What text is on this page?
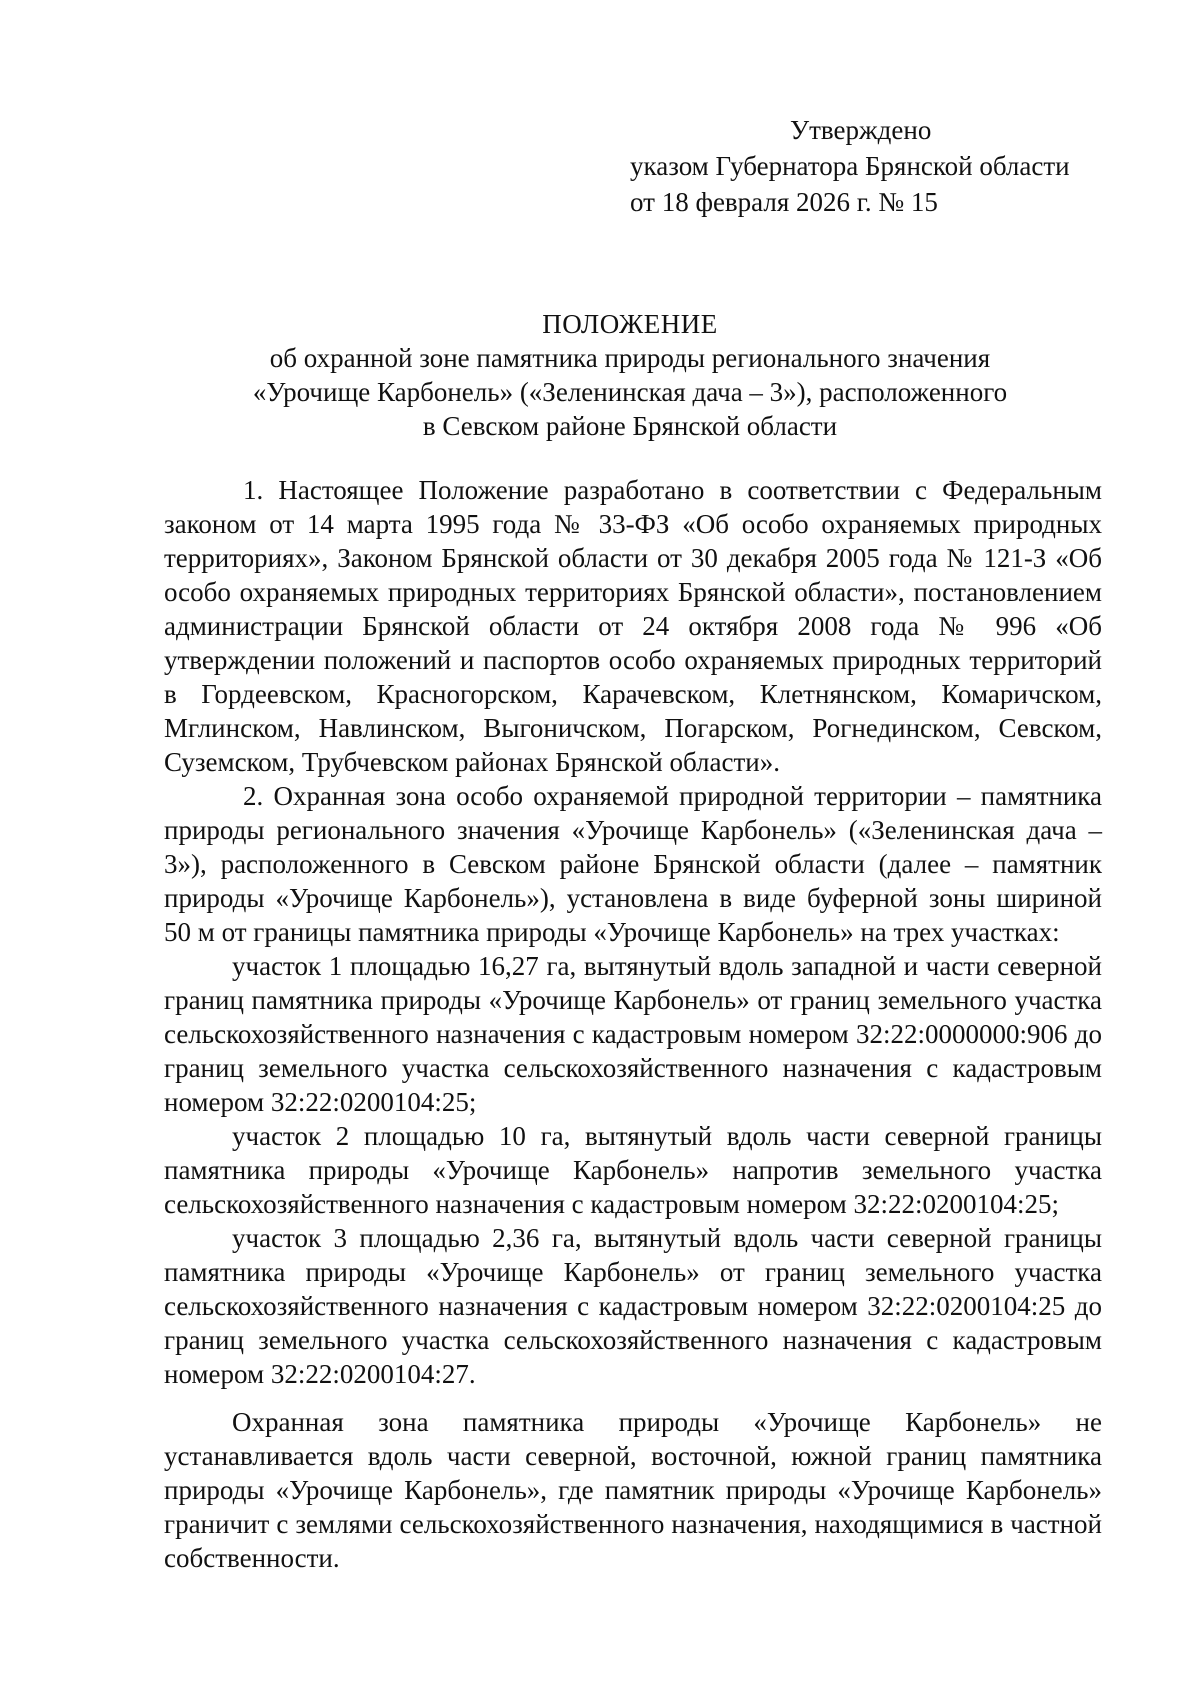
Утверждено
указом Губернатора Брянской области
от 18 февраля 2026 г. № 15
ПОЛОЖЕНИЕ
об охранной зоне памятника природы регионального значения
«Урочище Карбонель» («Зеленинская дача – 3»), расположенного
в Севском районе Брянской области

1. Настоящее Положение разработано в соответствии с Федеральным законом от 14 марта 1995 года № 33-ФЗ «Об особо охраняемых природных территориях», Законом Брянской области от 30 декабря 2005 года № 121-З «Об особо охраняемых природных территориях Брянской области», постановлением администрации Брянской области от 24 октября 2008 года № 996 «Об утверждении положений и паспортов особо охраняемых природных территорий в Гордеевском, Красногорском, Карачевском, Клетнянском, Комаричском, Мглинском, Навлинском, Выгоничском, Погарском, Рогнединском, Севском, Суземском, Трубчевском районах Брянской области».

2. Охранная зона особо охраняемой природной территории – памятника природы регионального значения «Урочище Карбонель» («Зеленинская дача – 3»), расположенного в Севском районе Брянской области (далее – памятник природы «Урочище Карбонель»), установлена в виде буферной зоны шириной 50 м от границы памятника природы «Урочище Карбонель» на трех участках:

участок 1 площадью 16,27 га, вытянутый вдоль западной и части северной границ памятника природы «Урочище Карбонель» от границ земельного участка сельскохозяйственного назначения с кадастровым номером 32:22:0000000:906 до границ земельного участка сельскохозяйственного назначения с кадастровым номером 32:22:0200104:25;

участок 2 площадью 10 га, вытянутый вдоль части северной границы памятника природы «Урочище Карбонель» напротив земельного участка сельскохозяйственного назначения с кадастровым номером 32:22:0200104:25;

участок 3 площадью 2,36 га, вытянутый вдоль части северной границы памятника природы «Урочище Карбонель» от границ земельного участка сельскохозяйственного назначения с кадастровым номером 32:22:0200104:25 до границ земельного участка сельскохозяйственного назначения с кадастровым номером 32:22:0200104:27.

Охранная зона памятника природы «Урочище Карбонель» не устанавливается вдоль части северной, восточной, южной границ памятника природы «Урочище Карбонель», где памятник природы «Урочище Карбонель» граничит с землями сельскохозяйственного назначения, находящимися в частной собственности.
